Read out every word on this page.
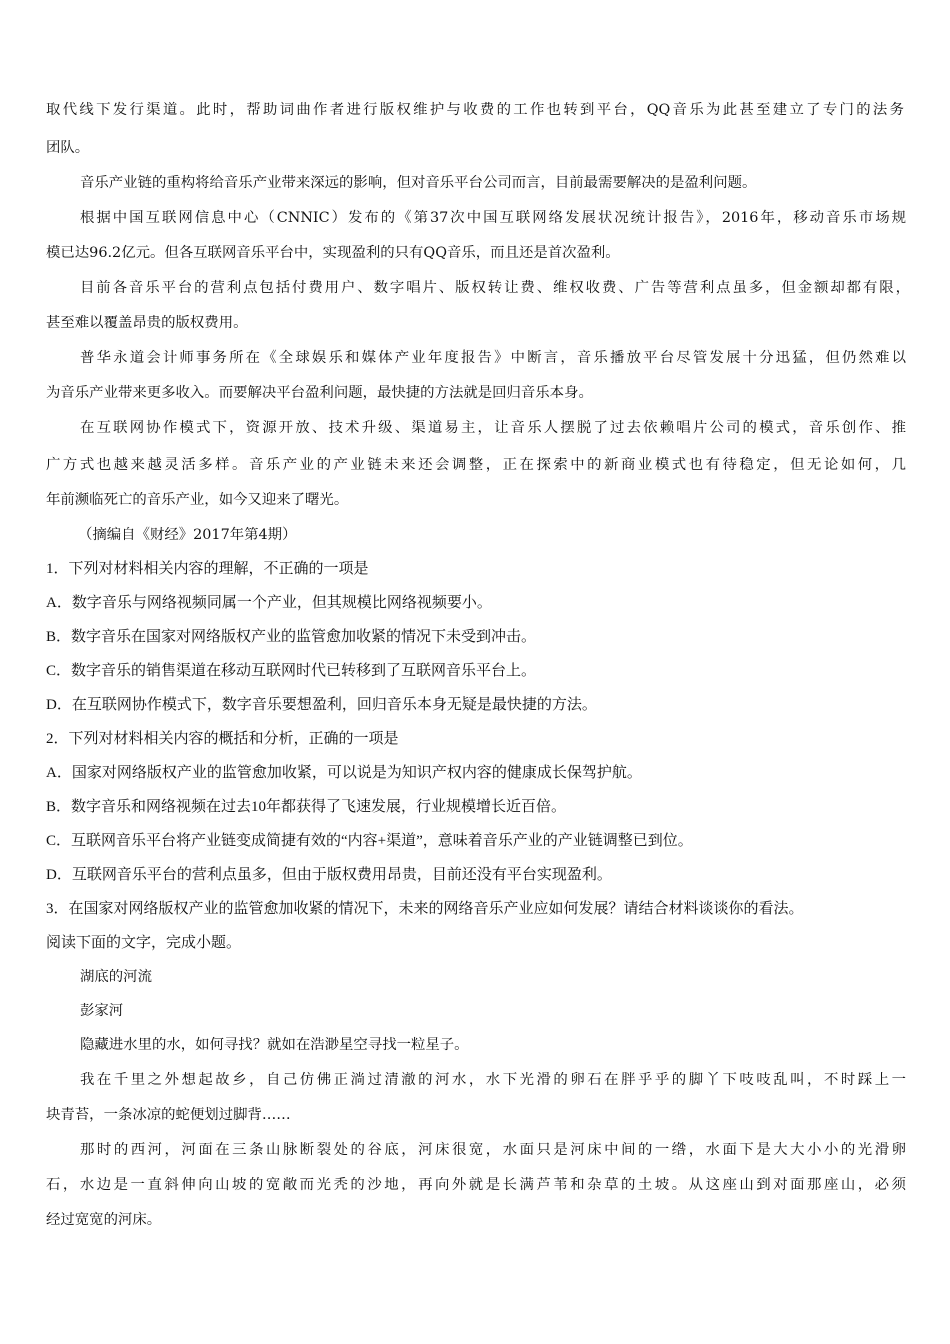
取代线下发行渠道。此时，帮助词曲作者进行版权维护与收费的工作也转到平台，QQ音乐为此甚至建立了专门的法务
团队。
音乐产业链的重构将给音乐产业带来深远的影响，但对音乐平台公司而言，目前最需要解决的是盈利问题。
根据中国互联网信息中心（CNNIC）发布的《第37次中国互联网络发展状况统计报告》，2016年，移动音乐市场规
模已达96.2亿元。但各互联网音乐平台中，实现盈利的只有QQ音乐，而且还是首次盈利。
目前各音乐平台的营利点包括付费用户、数字唱片、版权转让费、维权收费、广告等营利点虽多，但金额却都有限，
甚至难以覆盖昂贵的版权费用。
普华永道会计师事务所在《全球娱乐和媒体产业年度报告》中断言，音乐播放平台尽管发展十分迅猛，但仍然难以
为音乐产业带来更多收入。而要解决平台盈利问题，最快捷的方法就是回归音乐本身。
在互联网协作模式下，资源开放、技术升级、渠道易主，让音乐人摆脱了过去依赖唱片公司的模式，音乐创作、推
广方式也越来越灵活多样。音乐产业的产业链未来还会调整，正在探索中的新商业模式也有待稳定，但无论如何，几
年前濒临死亡的音乐产业，如今又迎来了曙光。
（摘编自《财经》2017年第4期）
1．下列对材料相关内容的理解，不正确的一项是
A．数字音乐与网络视频同属一个产业，但其规模比网络视频要小。
B．数字音乐在国家对网络版权产业的监管愈加收紧的情况下未受到冲击。
C．数字音乐的销售渠道在移动互联网时代已转移到了互联网音乐平台上。
D．在互联网协作模式下，数字音乐要想盈利，回归音乐本身无疑是最快捷的方法。
2．下列对材料相关内容的概括和分析，正确的一项是
A．国家对网络版权产业的监管愈加收紧，可以说是为知识产权内容的健康成长保驾护航。
B．数字音乐和网络视频在过去10年都获得了飞速发展，行业规模增长近百倍。
C．互联网音乐平台将产业链变成简捷有效的“内容+渠道”，意味着音乐产业的产业链调整已到位。
D．互联网音乐平台的营利点虽多，但由于版权费用昂贵，目前还没有平台实现盈利。
3．在国家对网络版权产业的监管愈加收紧的情况下，未来的网络音乐产业应如何发展？请结合材料谈谈你的看法。
阅读下面的文字，完成小题。
湖底的河流
彭家河
隐藏进水里的水，如何寻找？就如在浩渺星空寻找一粒星子。
我在千里之外想起故乡，自己仿佛正淌过清澈的河水，水下光滑的卵石在胖乎乎的脚丫下吱吱乱叫，不时踩上一
块青苔，一条冰凉的蛇便划过脚背……
那时的西河，河面在三条山脉断裂处的谷底，河床很宽，水面只是河床中间的一绺，水面下是大大小小的光滑卵
石，水边是一直斜伸向山坡的宽敞而光秃的沙地，再向外就是长满芦苇和杂草的土坡。从这座山到对面那座山，必须
经过宽宽的河床。
